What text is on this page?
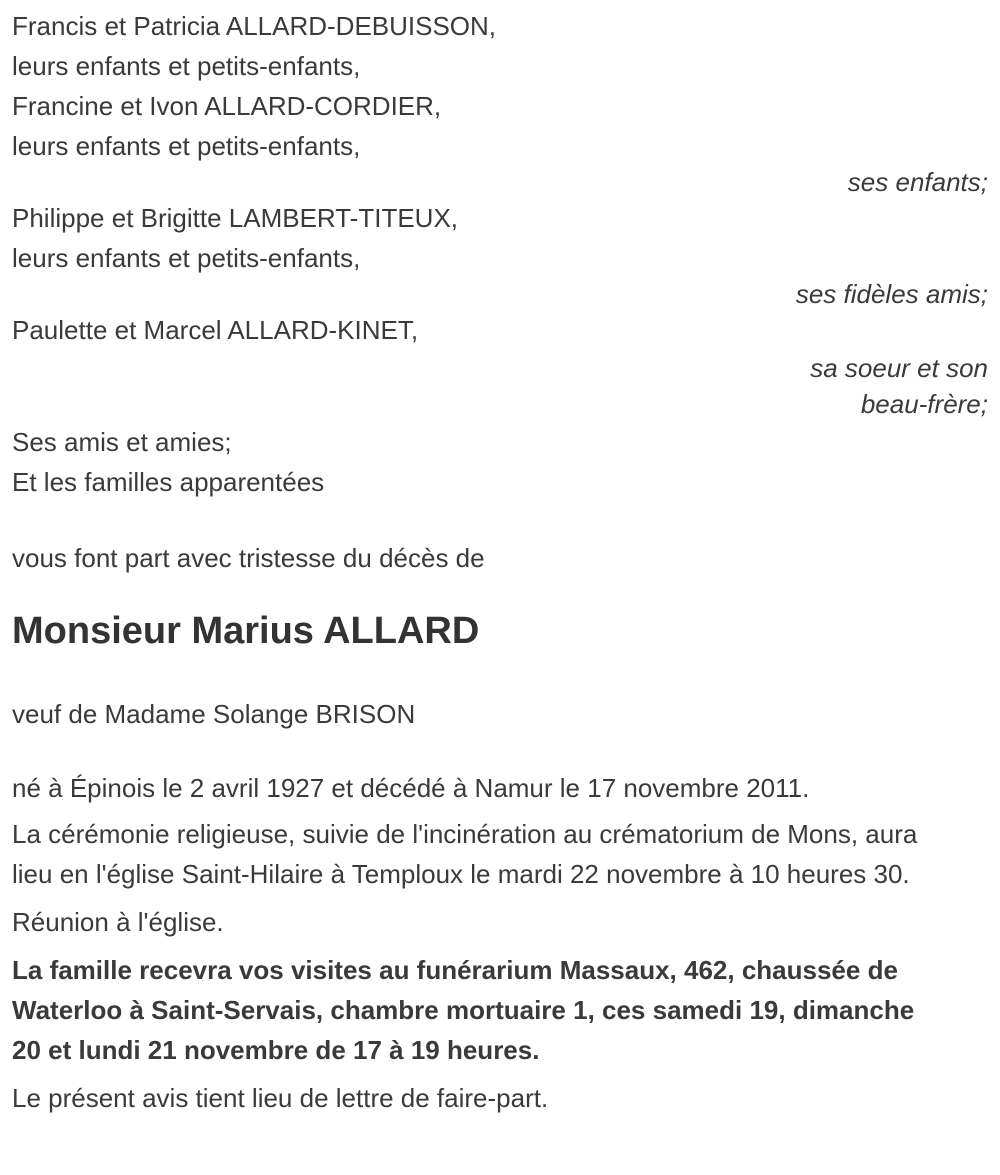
Francis et Patricia ALLARD-DEBUISSON,
leurs enfants et petits-enfants,
Francine et Ivon ALLARD-CORDIER,
leurs enfants et petits-enfants,
ses enfants;
Philippe et Brigitte LAMBERT-TITEUX,
leurs enfants et petits-enfants,
ses fidèles amis;
Paulette et Marcel ALLARD-KINET,
sa soeur et son beau-frère;
Ses amis et amies;
Et les familles apparentées

vous font part avec tristesse du décès de

Monsieur Marius ALLARD

veuf de Madame Solange BRISON

né à Épinois le 2 avril 1927 et décédé à Namur le 17 novembre 2011.

La cérémonie religieuse, suivie de l'incinération au crématorium de Mons, aura lieu en l'église Saint-Hilaire à Temploux le mardi 22 novembre à 10 heures 30.

Réunion à l'église.

La famille recevra vos visites au funérarium Massaux, 462, chaussée de Waterloo à Saint-Servais, chambre mortuaire 1, ces samedi 19, dimanche 20 et lundi 21 novembre de 17 à 19 heures.

Le présent avis tient lieu de lettre de faire-part.
